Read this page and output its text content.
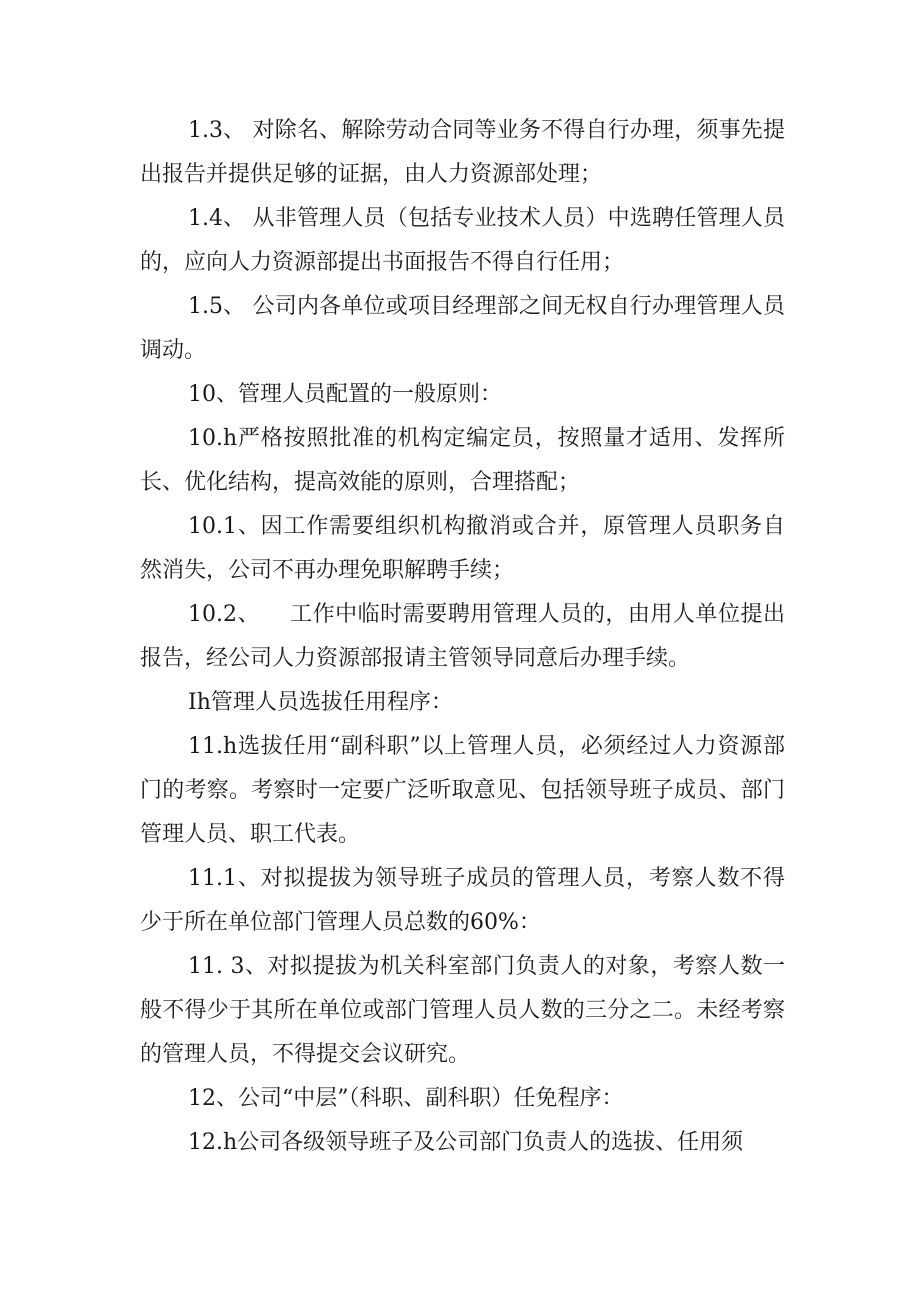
1.3、 对除名、解除劳动合同等业务不得自行办理，须事先提出报告并提供足够的证据，由人力资源部处理；

1.4、 从非管理人员（包括专业技术人员）中选聘任管理人员的，应向人力资源部提出书面报告不得自行任用；

1.5、 公司内各单位或项目经理部之间无权自行办理管理人员调动。

10、管理人员配置的一般原则：

10.h严格按照批准的机构定编定员，按照量才适用、发挥所长、优化结构，提高效能的原则，合理搭配；

10.1、因工作需要组织机构撤消或合并，原管理人员职务自然消失，公司不再办理免职解聘手续；

10.2、    工作中临时需要聘用管理人员的，由用人单位提出报告，经公司人力资源部报请主管领导同意后办理手续。

Ih管理人员选拔任用程序：

11.h选拔任用“副科职”以上管理人员，必须经过人力资源部门的考察。考察时一定要广泛听取意见、包括领导班子成员、部门管理人员、职工代表。

11.1、对拟提拔为领导班子成员的管理人员，考察人数不得少于所在单位部门管理人员总数的60%：

11. 3、对拟提拔为机关科室部门负责人的对象，考察人数一般不得少于其所在单位或部门管理人员人数的三分之二。未经考察的管理人员，不得提交会议研究。

12、公司“中层”（科职、副科职）任免程序：

12.h公司各级领导班子及公司部门负责人的选拔、任用须
